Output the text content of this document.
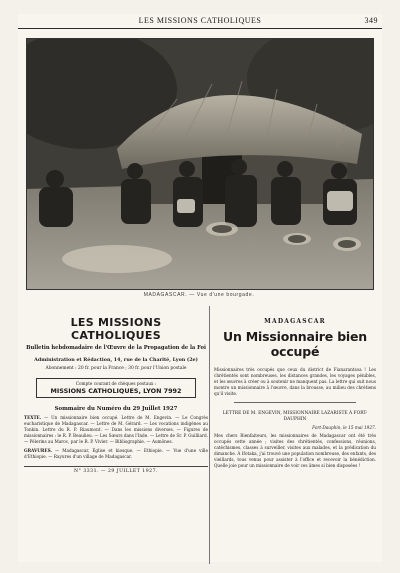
LES MISSIONS CATHOLIQUES	349
MADAGASCAR. — Vue d'une bourgade.
LES MISSIONS CATHOLIQUES
Bulletin hebdomadaire de l'Œuvre de la Propagation de la Foi
Administration et Rédaction, 14, rue de la Charité, Lyon (2e)
Abonnement : 20 fr. pour la France ; 30 fr. pour l'Union postale
Compte courant de chèques postaux :
MISSIONS CATHOLIQUES, LYON 7992
Sommaire du Numéro du 29 Juillet 1927

TEXTE. — Un missionnaire bien occupé. Lettre de M. Engevin. — Le Congrès eucharistique de Madagascar. — Lettre de M. Gérard. — Les vocations indigènes au Tonkin. Lettre du R. P. Riaumont. — Dans les missions diverses. — Figures de missionnaires : le R. P. Beaulieu. — Les Sœurs dans l'Inde. — Lettre de Sr. P. Guilliard. — Pèlerins au Maroc, par le R. P. Vivier. — Bibliographie. — Aumônes.

GRAVURES. — Madagascar, Église et kiosque. — Ethiopie. — Vue d'une ville d'Ethiopie. — Rayures d'un village de Madagascar.

N° 3331. — 29 JUILLET 1927.
MADAGASCAR
Un Missionnaire bien occupé
Missionnaires très occupés que ceux du district de Fianarantsoa ! Les chrétientés sont nombreuses, les distances grandes, les voyages pénibles, et les œuvres à créer ou à soutenir ne manquent pas. La lettre qui suit nous montre un missionnaire à l'œuvre, dans la brousse, au milieu des chrétiens qu'il visite.
LETTRE DE M. ENGEVIN, MISSIONNAIRE LAZARISTE À FORT-DAUPHIN
Fort-Dauphin, le 15 mai 1927.
Mes chers Bienfaiteurs, les missionnaires de Madagascar ont été très occupés cette année ; visites des chrétientés, confessions, réunions, catéchismes, classes à surveiller, visites aux malades, et la prédication du dimanche. À Ifotaka, j'ai trouvé une population nombreuse, des enfants, des vieillards, tous venus pour assister à l'office et recevoir la bénédiction. Quelle joie pour un missionnaire de voir ces âmes si bien disposées !
